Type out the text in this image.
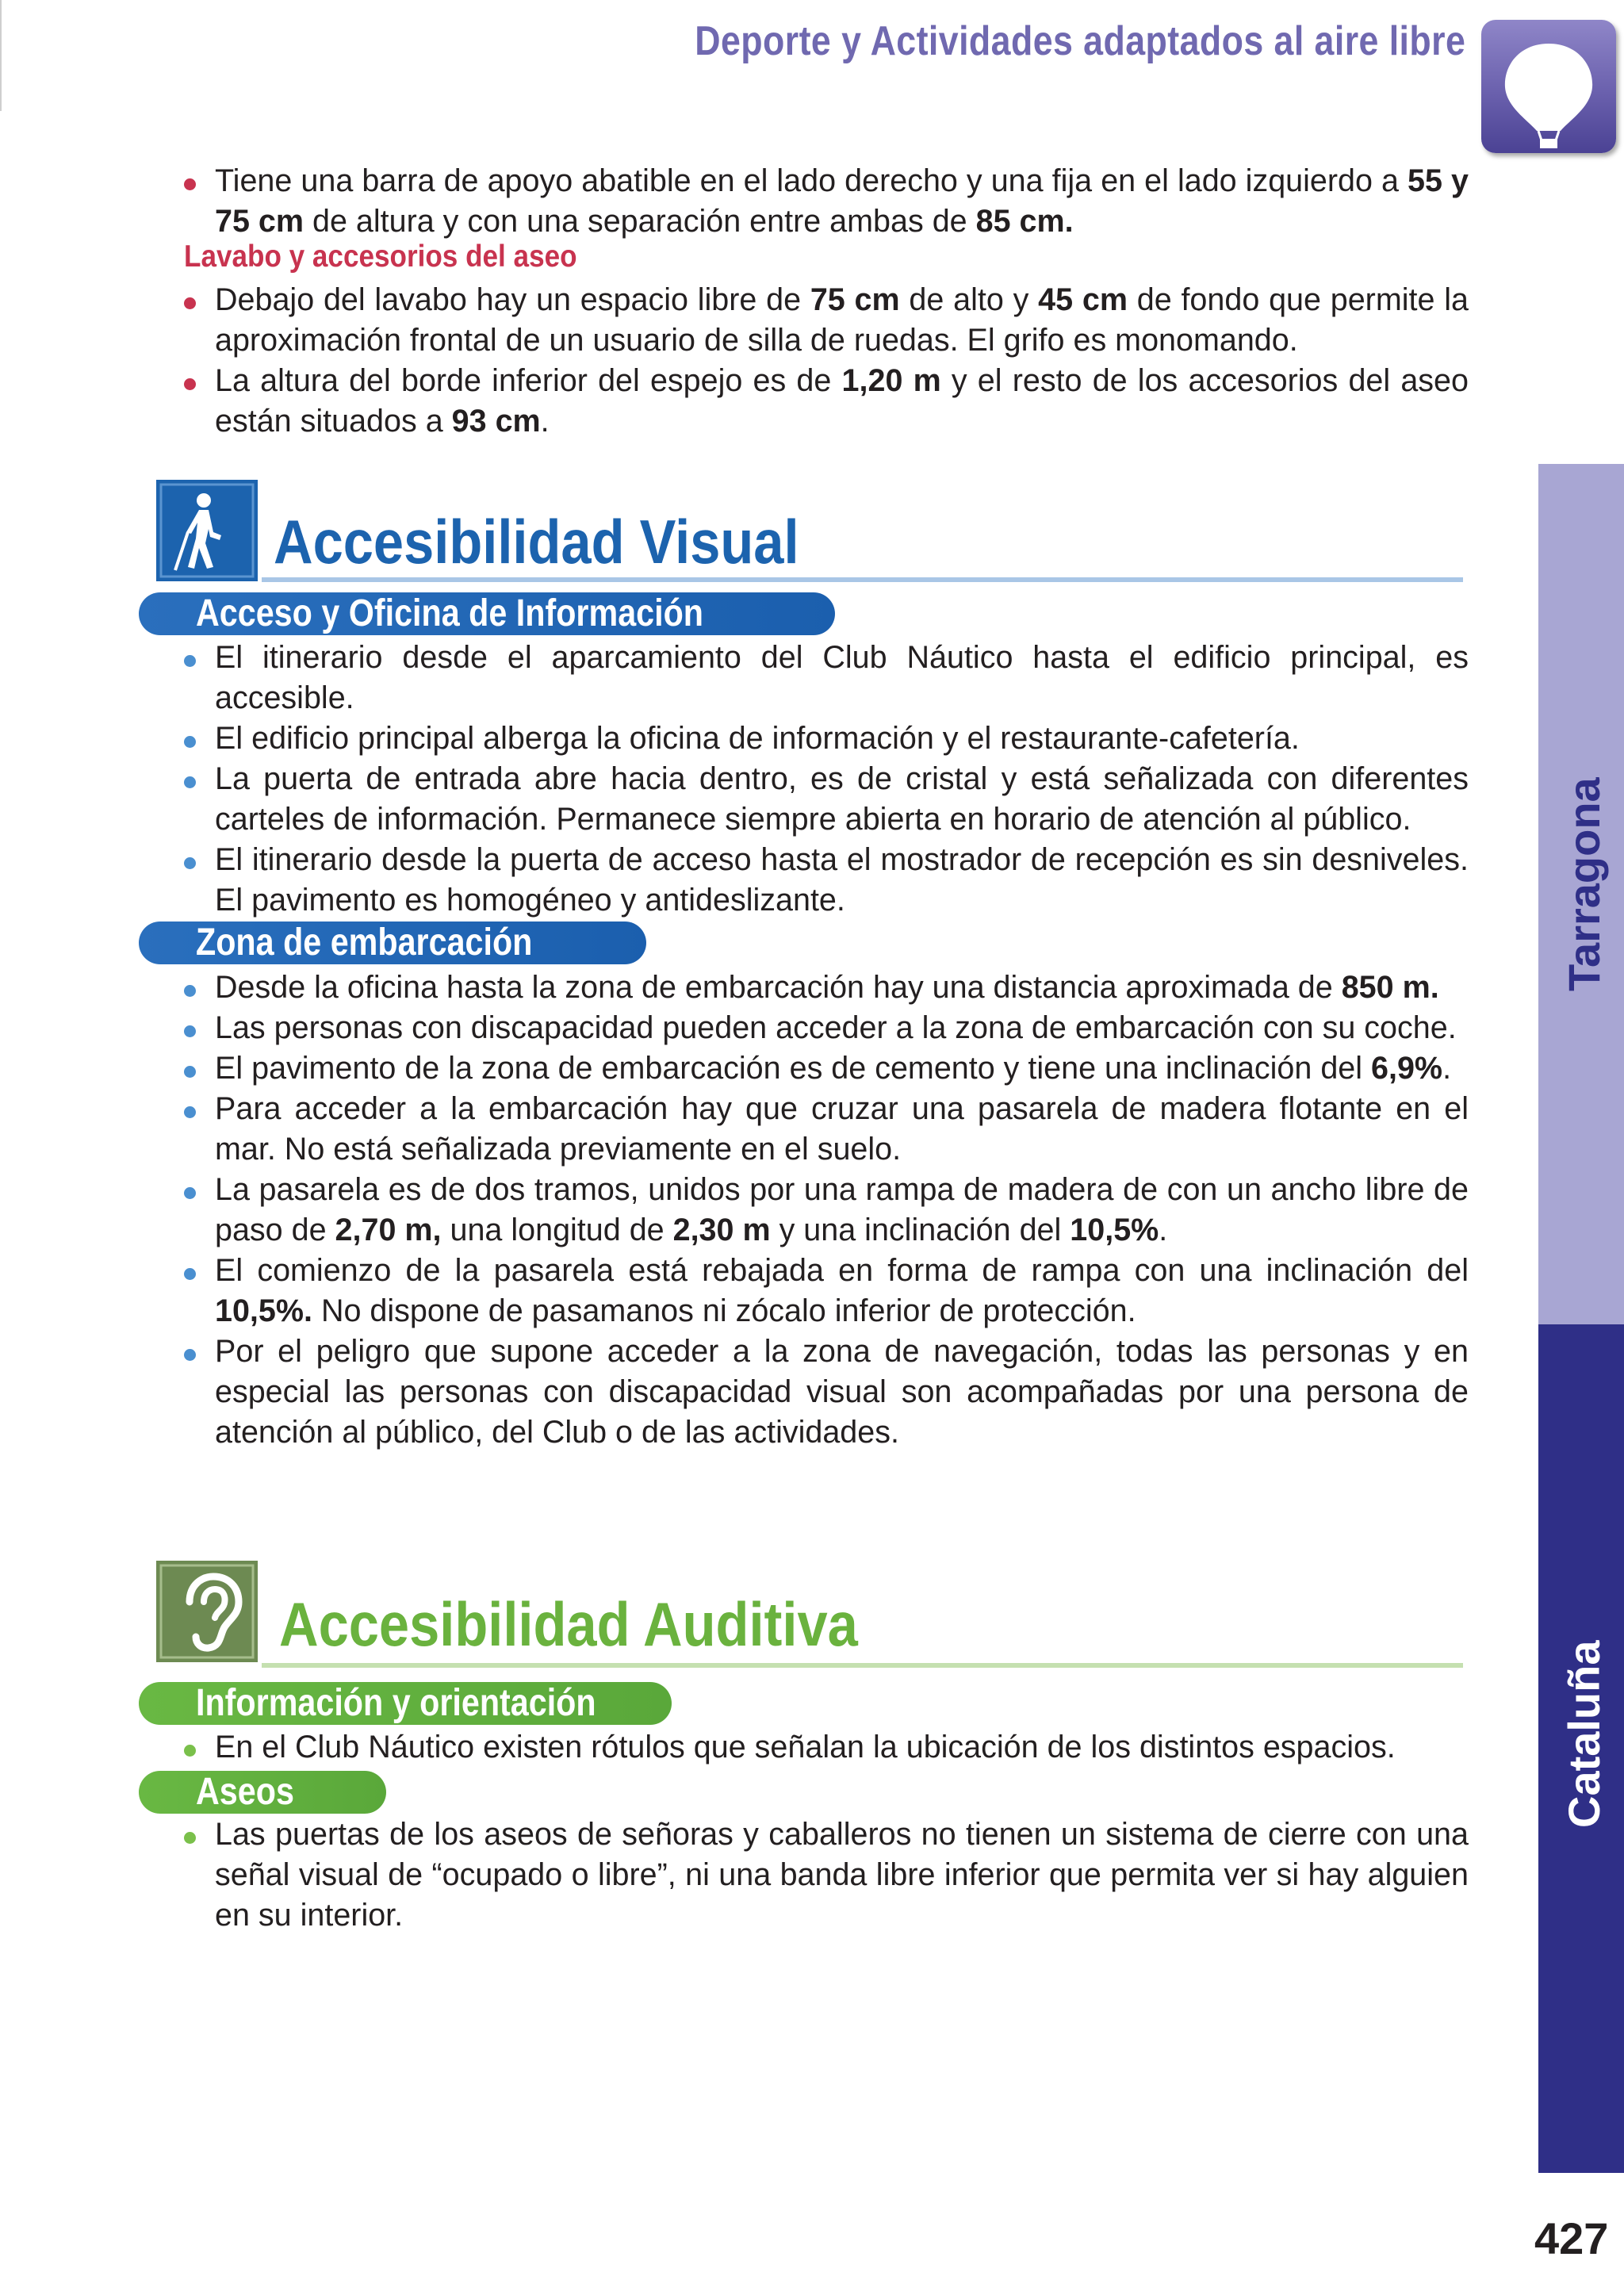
Deporte y Actividades adaptados al aire libre
Tarragona
Cataluña
427
Tiene una barra de apoyo abatible en el lado derecho y una fija en el lado izquierdo a 55 y 75 cm de altura y con una separación entre ambas de 85 cm.
Lavabo y accesorios del aseo
Debajo del lavabo hay un espacio libre de 75 cm de alto y 45 cm de fondo que permite la aproximación frontal de un usuario de silla de ruedas. El grifo es monomando.
La altura del borde inferior del espejo es de 1,20 m y el resto de los accesorios del aseo están situados a 93 cm.
Accesibilidad Visual
Acceso y Oficina de Información
El itinerario desde el aparcamiento del Club Náutico hasta el edificio principal, es accesible.
El edificio principal alberga la oficina de información y el restaurante-cafetería.
La puerta de entrada abre hacia dentro, es de cristal y está señalizada con diferentes carteles de información. Permanece siempre abierta en horario de atención al público.
El itinerario desde la puerta de acceso hasta el mostrador de recepción es sin desniveles. El pavimento es homogéneo y antideslizante.
Zona de embarcación
Desde la oficina hasta la zona de embarcación hay una distancia aproximada de 850 m.
Las personas con discapacidad pueden acceder a la zona de embarcación con su coche.
El pavimento de la zona de embarcación es de cemento y tiene una inclinación del 6,9%.
Para acceder a la embarcación hay que cruzar una pasarela de madera flotante en el mar. No está señalizada previamente en el suelo.
La pasarela es de dos tramos, unidos por una rampa de madera de con un ancho libre de paso de 2,70 m, una longitud de 2,30 m y una inclinación del 10,5%.
El comienzo de la pasarela está rebajada en forma de rampa con una inclinación del 10,5%. No dispone de pasamanos ni zócalo inferior de protección.
Por el peligro que supone acceder a la zona de navegación, todas las personas y en especial las personas con discapacidad visual son acompañadas por una persona de atención al público, del Club o de las actividades.
Accesibilidad Auditiva
Información y orientación
En el Club Náutico existen rótulos que señalan la ubicación de los distintos espacios.
Aseos
Las puertas de los aseos de señoras y caballeros no tienen un sistema de cierre con una señal visual de “ocupado o libre”, ni una banda libre inferior que permita ver si hay alguien en su interior.
